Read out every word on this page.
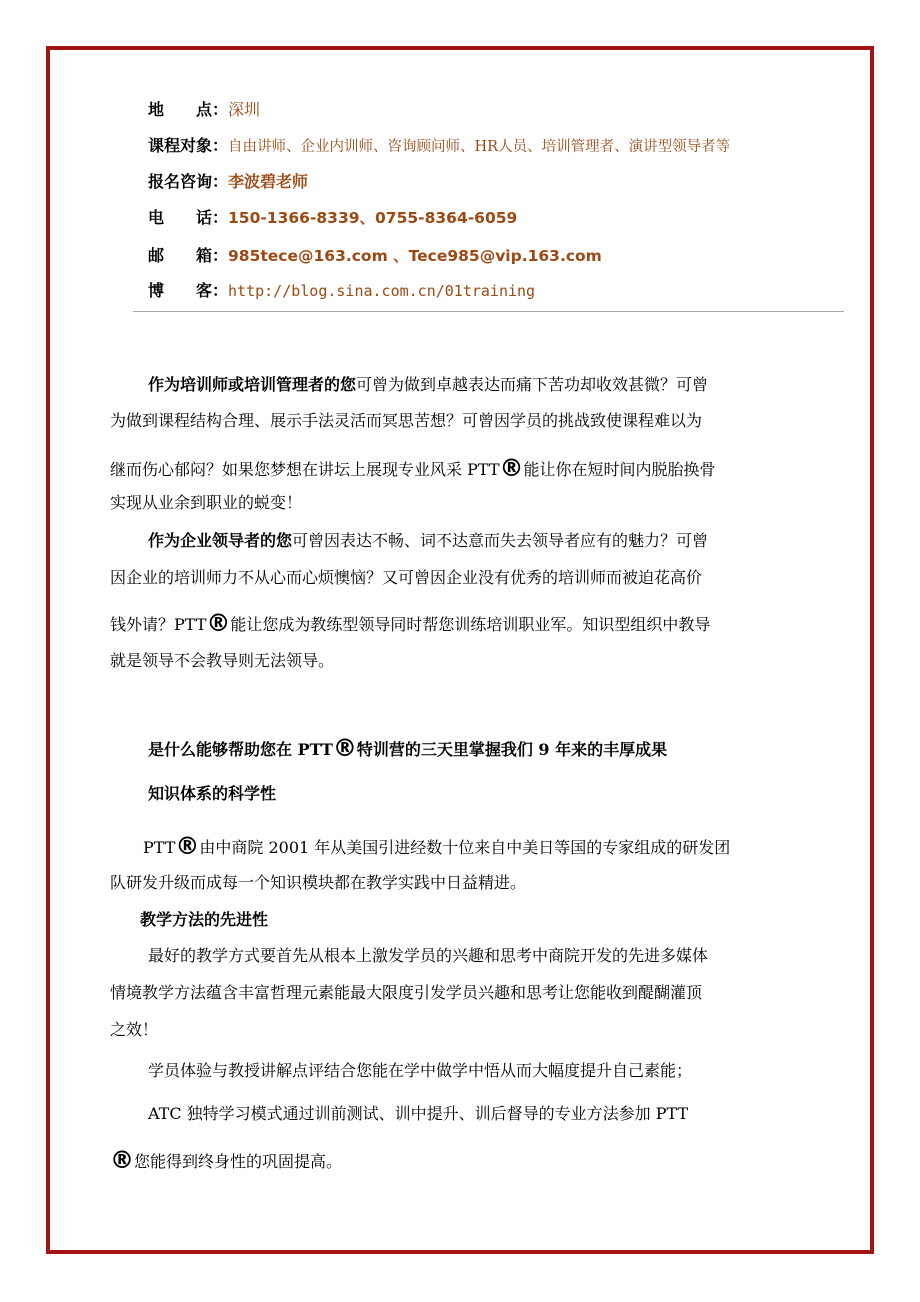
地　　点：深圳
课程对象：自由讲师、企业内训师、咨询顾问师、HR人员、培训管理者、演讲型领导者等
报名咨询：李波碧老师
电　　话：150-1366-8339、0755-8364-6059
邮　　箱：985tece@163.com 、Tece985@vip.163.com
博　　客：http://blog.sina.com.cn/01training
作为培训师或培训管理者的您可曾为做到卓越表达而痛下苦功却收效甚微？可曾
为做到课程结构合理、展示手法灵活而冥思苦想？可曾因学员的挑战致使课程难以为
继而伤心郁闷？如果您梦想在讲坛上展现专业风采 PTT®能让你在短时间内脱胎换骨
实现从业余到职业的蜕变！
作为企业领导者的您可曾因表达不畅、词不达意而失去领导者应有的魅力？可曾
因企业的培训师力不从心而心烦懊恼？又可曾因企业没有优秀的培训师而被迫花高价
钱外请？PTT®能让您成为教练型领导同时帮您训练培训职业军。知识型组织中教导
就是领导不会教导则无法领导。
是什么能够帮助您在 PTT®特训营的三天里掌握我们 9 年来的丰厚成果
知识体系的科学性
PTT®由中商院 2001 年从美国引进经数十位来自中美日等国的专家组成的研发团
队研发升级而成每一个知识模块都在教学实践中日益精进。
教学方法的先进性
最好的教学方式要首先从根本上激发学员的兴趣和思考中商院开发的先进多媒体
情境教学方法蕴含丰富哲理元素能最大限度引发学员兴趣和思考让您能收到醍醐灌顶
之效！
学员体验与教授讲解点评结合您能在学中做学中悟从而大幅度提升自己素能；
ATC 独特学习模式通过训前测试、训中提升、训后督导的专业方法参加 PTT
®您能得到终身性的巩固提高。
